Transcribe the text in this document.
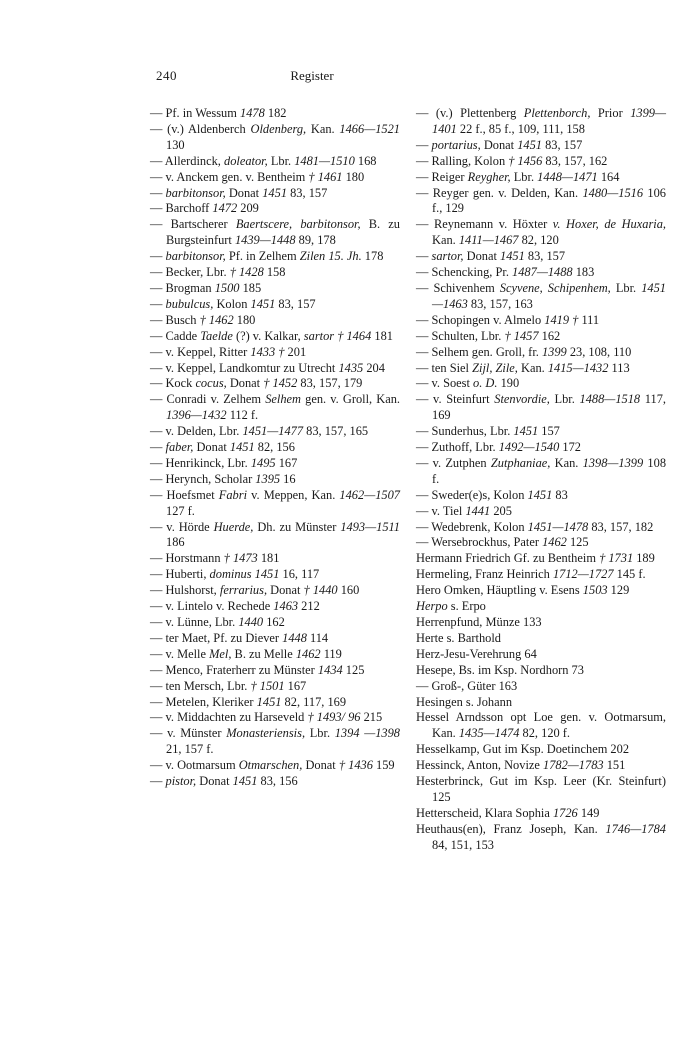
240	Register

— Pf. in Wessum 1478 182

— (v.) Aldenberch Oldenberg, Kan. 1466—1521 130

— Allerdinck, doleator, Lbr. 1481—1510 168

— v. Anckem gen. v. Bentheim † 1461 180

— barbitonsor, Donat 1451 83, 157

— Barchoff 1472 209

— Bartscherer Baertscere, barbitonsor, B. zu Burgsteinfurt 1439—1448 89, 178

— barbitonsor, Pf. in Zelhem Zilen 15. Jh. 178

— Becker, Lbr. † 1428 158

— Brogman 1500 185

— bubulcus, Kolon 1451 83, 157

— Busch † 1462 180

— Cadde Taelde (?) v. Kalkar, sartor † 1464 181

— v. Keppel, Ritter 1433 † 201

— v. Keppel, Landkomtur zu Utrecht 1435 204

— Kock cocus, Donat † 1452 83, 157, 179

— Conradi v. Zelhem Selhem gen. v. Groll, Kan. 1396—1432 112 f.

— v. Delden, Lbr. 1451—1477 83, 157, 165

— faber, Donat 1451 82, 156

— Henrikinck, Lbr. 1495 167

— Herynch, Scholar 1395 16

— Hoefsmet Fabri v. Meppen, Kan. 1462—1507 127 f.

— v. Hörde Huerde, Dh. zu Münster 1493—1511 186

— Horstmann † 1473 181

— Huberti, dominus 1451 16, 117

— Hulshorst, ferrarius, Donat † 1440 160

— v. Lintelo v. Rechede 1463 212

— v. Lünne, Lbr. 1440 162

— ter Maet, Pf. zu Diever 1448 114

— v. Melle Mel, B. zu Melle 1462 119

— Menco, Fraterherr zu Münster 1434 125

— ten Mersch, Lbr. † 1501 167

— Metelen, Kleriker 1451 82, 117, 169

— v. Middachten zu Harseveld † 1493/ 96 215

— v. Münster Monasteriensis, Lbr. 1394 —1398 21, 157 f.

— v. Ootmarsum Otmarschen, Donat † 1436 159

— pistor, Donat 1451 83, 156

— (v.) Plettenberg Plettenborch, Prior 1399—1401 22 f., 85 f., 109, 111, 158

— portarius, Donat 1451 83, 157

— Ralling, Kolon † 1456 83, 157, 162

— Reiger Reygher, Lbr. 1448—1471 164

— Reyger gen. v. Delden, Kan. 1480—1516 106 f., 129

— Reynemann v. Höxter v. Hoxer, de Huxaria, Kan. 1411—1467 82, 120

— sartor, Donat 1451 83, 157

— Schencking, Pr. 1487—1488 183

— Schivenhem Scyvene, Schipenhem, Lbr. 1451—1463 83, 157, 163

— Schopingen v. Almelo 1419 † 111

— Schulten, Lbr. † 1457 162

— Selhem gen. Groll, fr. 1399 23, 108, 110

— ten Siel Zijl, Zile, Kan. 1415—1432 113

— v. Soest o. D. 190

— v. Steinfurt Stenvordie, Lbr. 1488—1518 117, 169

— Sunderhus, Lbr. 1451 157

— Zuthoff, Lbr. 1492—1540 172

— v. Zutphen Zutphaniae, Kan. 1398—1399 108 f.

— Sweder(e)s, Kolon 1451 83

— v. Tiel 1441 205

— Wedebrenk, Kolon 1451—1478 83, 157, 182

— Wersebrockhus, Pater 1462 125

Hermann Friedrich Gf. zu Bentheim † 1731 189

Hermeling, Franz Heinrich 1712—1727 145 f.

Hero Omken, Häuptling v. Esens 1503 129

Herpo s. Erpo

Herrenpfund, Münze 133

Herte s. Barthold

Herz-Jesu-Verehrung 64

Hesepe, Bs. im Ksp. Nordhorn 73

— Groß-, Güter 163

Hesingen s. Johann

Hessel Arndsson opt Loe gen. v. Ootmarsum, Kan. 1435—1474 82, 120 f.

Hesselkamp, Gut im Ksp. Doetinchem 202

Hessinck, Anton, Novize 1782—1783 151

Hesterbrinck, Gut im Ksp. Leer (Kr. Steinfurt) 125

Hetterscheid, Klara Sophia 1726 149

Heuthaus(en), Franz Joseph, Kan. 1746—1784 84, 151, 153
